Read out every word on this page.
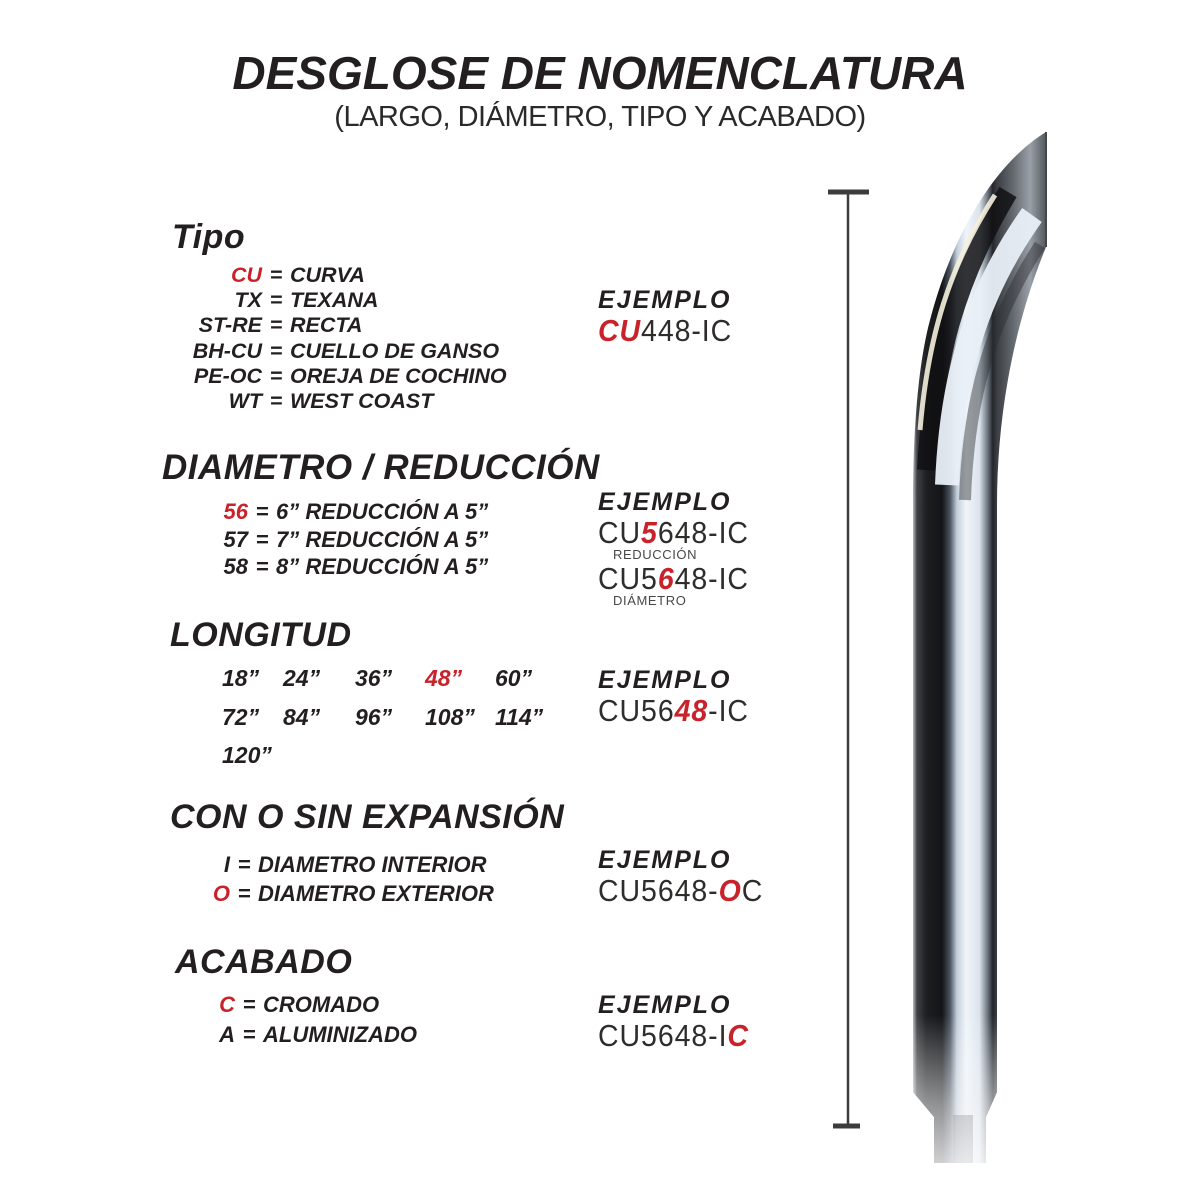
DESGLOSE DE NOMENCLATURA
(LARGO, DIÁMETRO, TIPO Y ACABADO)
Tipo
CU = CURVA
TX = TEXANA
ST-RE = RECTA
BH-CU = CUELLO DE GANSO
PE-OC = OREJA DE COCHINO
WT = WEST COAST
DIAMETRO / REDUCCIÓN
56 = 6” REDUCCIÓN A 5”
57 = 7” REDUCCIÓN A 5”
58 = 8” REDUCCIÓN A 5”
LONGITUD
18”	24”	36”	48”	60”
72”	84”	96”	108” 114”
120”
CON O SIN EXPANSIÓN
I = DIAMETRO INTERIOR
O = DIAMETRO EXTERIOR
ACABADO
C = CROMADO
A = ALUMINIZADO
EJEMPLO
CU448-IC
EJEMPLO
CU5648-IC
REDUCCIÓN
CU5648-IC
DIÁMETRO
EJEMPLO
CU5648-IC
EJEMPLO
CU5648-OC
EJEMPLO
CU5648-IC
